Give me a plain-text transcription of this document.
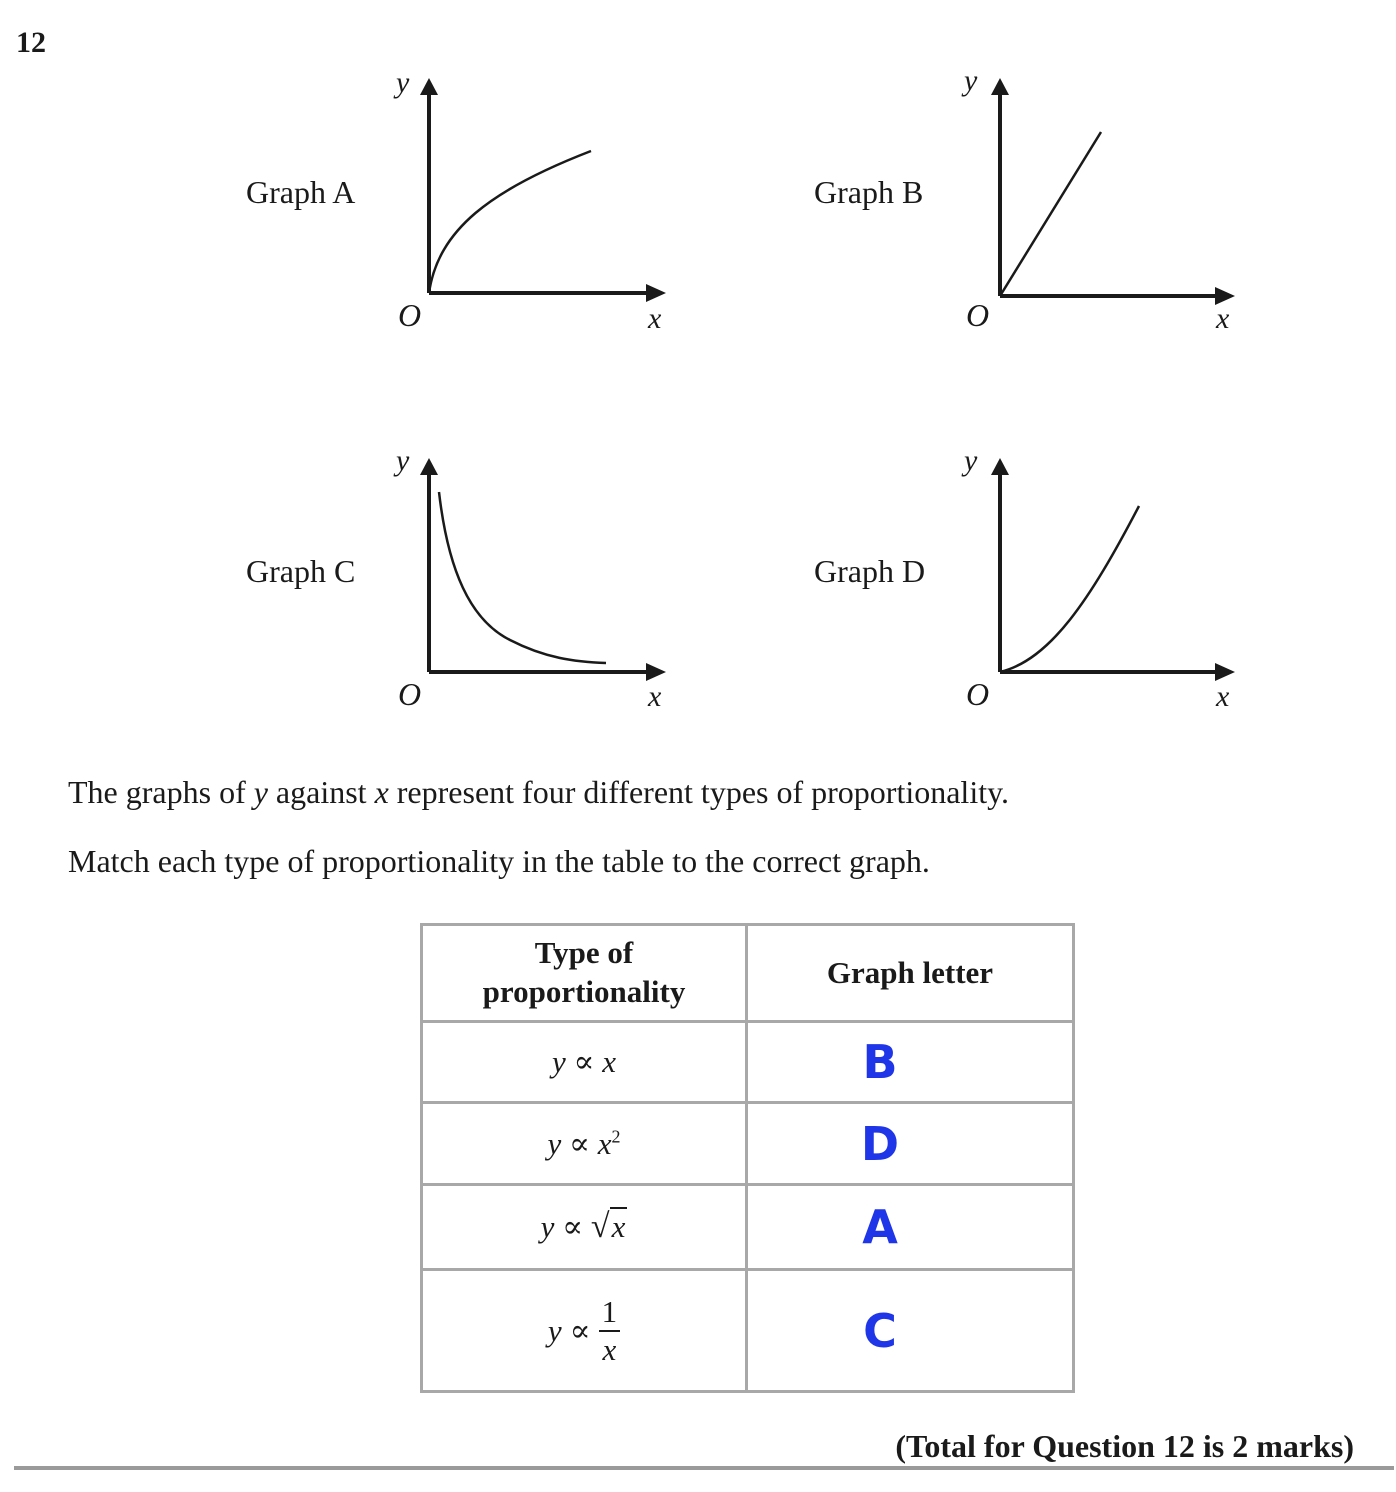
12
Graph A
y
O	x
Graph B
y
O	x
Graph C
y
O	x
Graph D
y
O	x
The graphs of y against x represent four different types of proportionality.
Match each type of proportionality in the table to the correct graph.
Type of
proportionality	Graph letter
y ∝ x	B
$y \propto x^2$	D
y ∝ √x	A

y ∝
1
x	C
(Total for Question 12 is 2 marks)
